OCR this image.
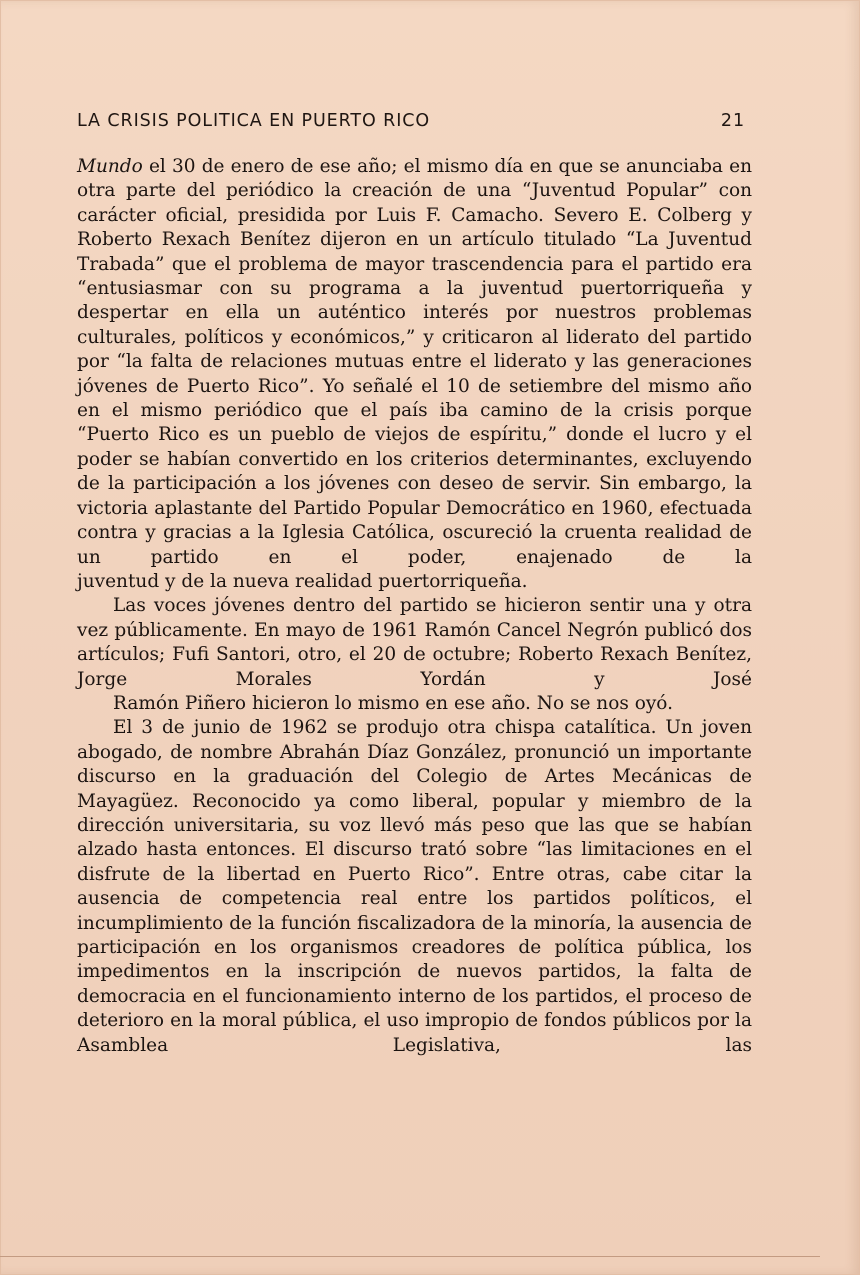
LA CRISIS POLITICA EN PUERTO RICO	21

Mundo el 30 de enero de ese año; el mismo día en que se anunciaba en otra parte del periódico la creación de una “Juventud Popular” con carácter oficial, presidida por Luis F. Camacho. Severo E. Colberg y Roberto Rexach Benítez dijeron en un artículo titulado “La Juventud Trabada” que el problema de mayor trascendencia para el partido era “entusiasmar con su programa a la juventud puertorriqueña y despertar en ella un auténtico interés por nuestros problemas culturales, políticos y económicos,” y criticaron al liderato del partido por “la falta de relaciones mutuas entre el liderato y las generaciones jóvenes de Puerto Rico”. Yo señalé el 10 de setiembre del mismo año en el mismo periódico que el país iba camino de la crisis porque “Puerto Rico es un pueblo de viejos de espíritu,” donde el lucro y el poder se habían convertido en los criterios determinantes, excluyendo de la participación a los jóvenes con deseo de servir. Sin embargo, la victoria aplastante del Partido Popular Democrático en 1960, efectuada contra y gracias a la Iglesia Católica, oscureció la cruenta realidad de un partido en el poder, enajenado de la
juventud y de la nueva realidad puertorriqueña.

Las voces jóvenes dentro del partido se hicieron sentir una y otra vez públicamente. En mayo de 1961 Ramón Cancel Negrón publicó dos artículos; Fufi Santori, otro, el 20 de octubre; Roberto Rexach Benítez, Jorge Morales Yordán y José
Ramón Piñero hicieron lo mismo en ese año. No se nos oyó.

El 3 de junio de 1962 se produjo otra chispa catalítica. Un joven abogado, de nombre Abrahán Díaz González, pronunció un importante discurso en la graduación del Colegio de Artes Mecánicas de Mayagüez. Reconocido ya como liberal, popular y miembro de la dirección universitaria, su voz llevó más peso que las que se habían alzado hasta entonces. El discurso trató sobre “las limitaciones en el disfrute de la libertad en Puerto Rico”. Entre otras, cabe citar la ausencia de competencia real entre los partidos políticos, el incumplimiento de la función fiscalizadora de la minoría, la ausencia de participación en los organismos creadores de política pública, los impedimentos en la inscripción de nuevos partidos, la falta de democracia en el funcionamiento interno de los partidos, el proceso de deterioro en la moral pública, el uso impropio de fondos públicos por la Asamblea Legislativa, las
